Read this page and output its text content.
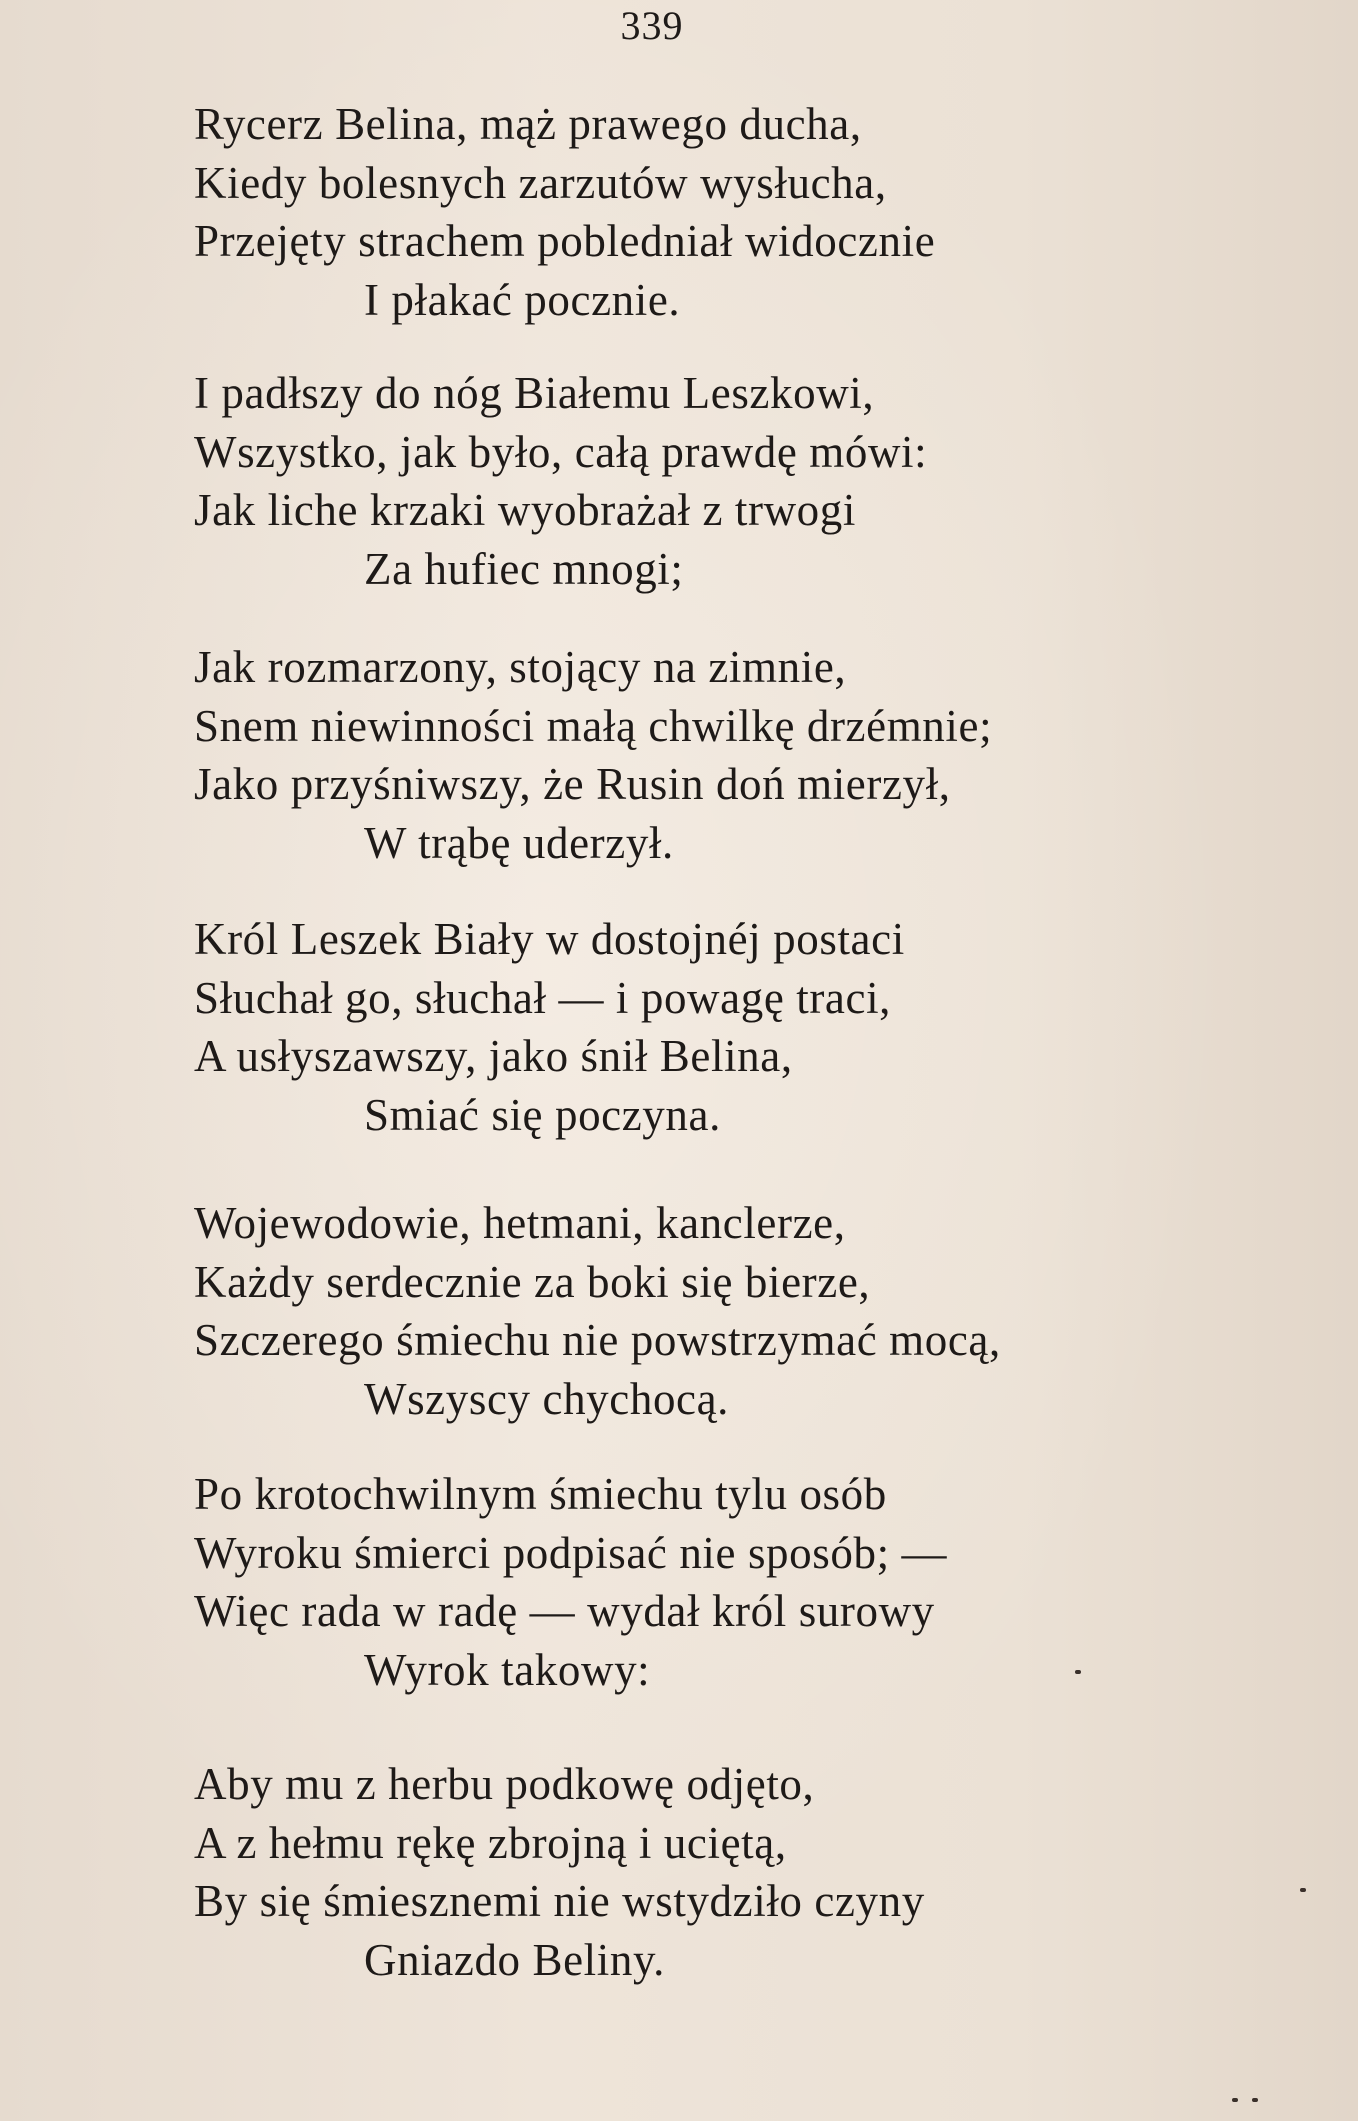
339
Rycerz Belina, mąż prawego ducha,
Kiedy bolesnych zarzutów wysłucha,
Przejęty strachem pobledniał widocznie
I płakać pocznie.
I padłszy do nóg Białemu Leszkowi,
Wszystko, jak było, całą prawdę mówi:
Jak liche krzaki wyobrażał z trwogi
Za hufiec mnogi;
Jak rozmarzony, stojący na zimnie,
Snem niewinności małą chwilkę drzémnie;
Jako przyśniwszy, że Rusin doń mierzył,
W trąbę uderzył.
Król Leszek Biały w dostojnéj postaci
Słuchał go, słuchał — i powagę traci,
A usłyszawszy, jako śnił Belina,
Smiać się poczyna.
Wojewodowie, hetmani, kanclerze,
Każdy serdecznie za boki się bierze,
Szczerego śmiechu nie powstrzymać mocą,
Wszyscy chychocą.
Po krotochwilnym śmiechu tylu osób
Wyroku śmierci podpisać nie sposób; —
Więc rada w radę — wydał król surowy
Wyrok takowy:
Aby mu z herbu podkowę odjęto,
A z hełmu rękę zbrojną i uciętą,
By się śmiesznemi nie wstydziło czyny
Gniazdo Beliny.
